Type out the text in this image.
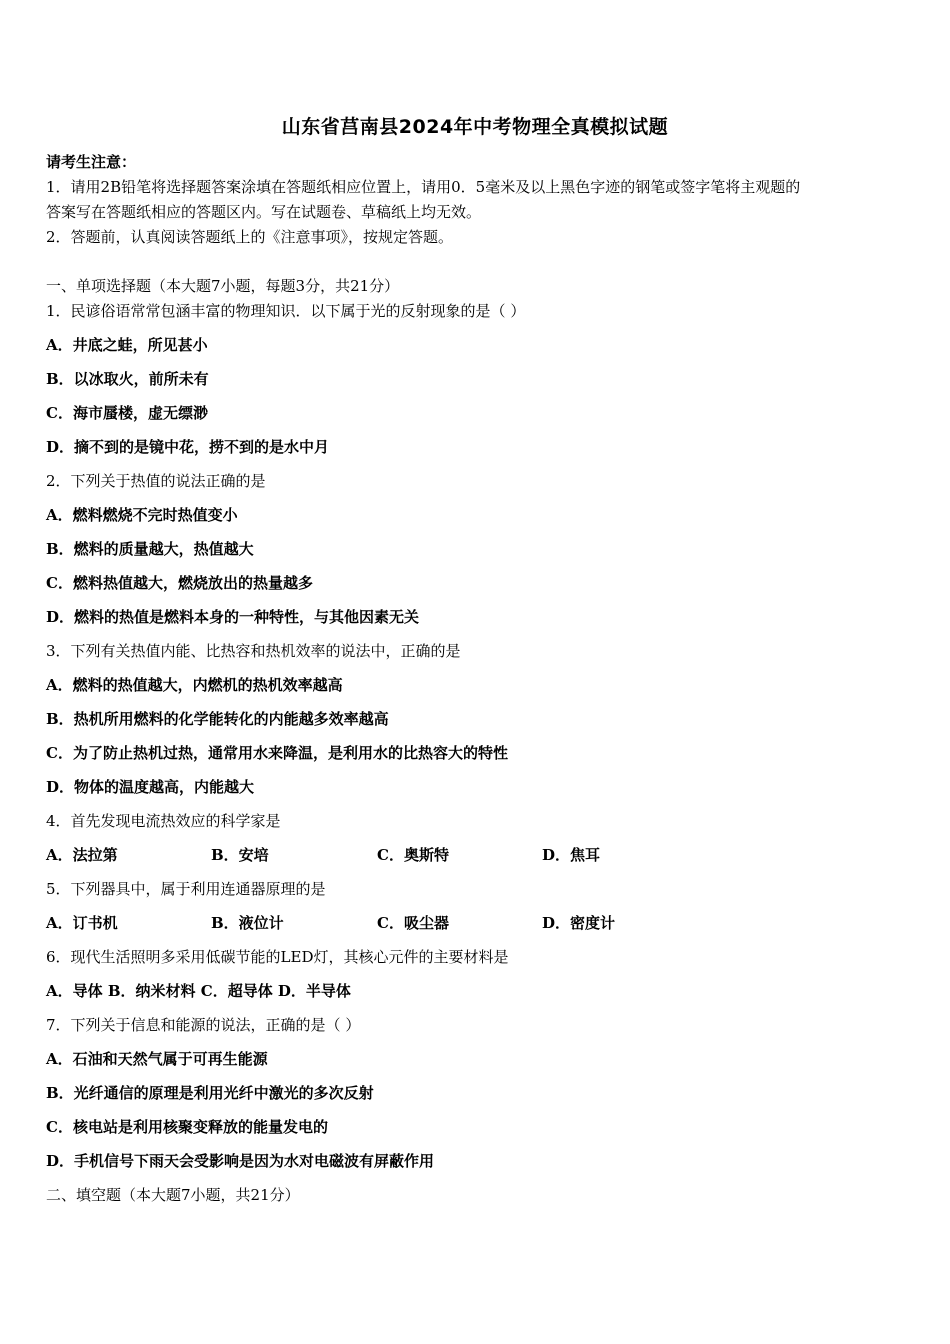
山东省莒南县2024年中考物理全真模拟试题
请考生注意：
1．请用2B铅笔将选择题答案涂填在答题纸相应位置上，请用0．5毫米及以上黑色字迹的钢笔或签字笔将主观题的
答案写在答题纸相应的答题区内。写在试题卷、草稿纸上均无效。
2．答题前，认真阅读答题纸上的《注意事项》，按规定答题。
一、单项选择题（本大题7小题，每题3分，共21分）
1．民谚俗语常常包涵丰富的物理知识．以下属于光的反射现象的是（ ）
A．井底之蛙，所见甚小
B．以冰取火，前所未有
C．海市蜃楼，虚无缥渺
D．摘不到的是镜中花，捞不到的是水中月
2．下列关于热值的说法正确的是
A．燃料燃烧不完时热值变小
B．燃料的质量越大，热值越大
C．燃料热值越大，燃烧放出的热量越多
D．燃料的热值是燃料本身的一种特性，与其他因素无关
3．下列有关热值内能、比热容和热机效率的说法中，正确的是
A．燃料的热值越大，内燃机的热机效率越高
B．热机所用燃料的化学能转化的内能越多效率越高
C．为了防止热机过热，通常用水来降温，是利用水的比热容大的特性
D．物体的温度越高，内能越大
4．首先发现电流热效应的科学家是
A．法拉第	B．安培	C．奥斯特	D．焦耳
5．下列器具中，属于利用连通器原理的是
A．订书机	B．液位计	C．吸尘器	D．密度计
6．现代生活照明多采用低碳节能的LED灯，其核心元件的主要材料是
A．导体 B．纳米材料 C．超导体 D．半导体
7．下列关于信息和能源的说法，正确的是（ ）
A．石油和天然气属于可再生能源
B．光纤通信的原理是利用光纤中激光的多次反射
C．核电站是利用核聚变释放的能量发电的
D．手机信号下雨天会受影响是因为水对电磁波有屏蔽作用
二、填空题（本大题7小题，共21分）
